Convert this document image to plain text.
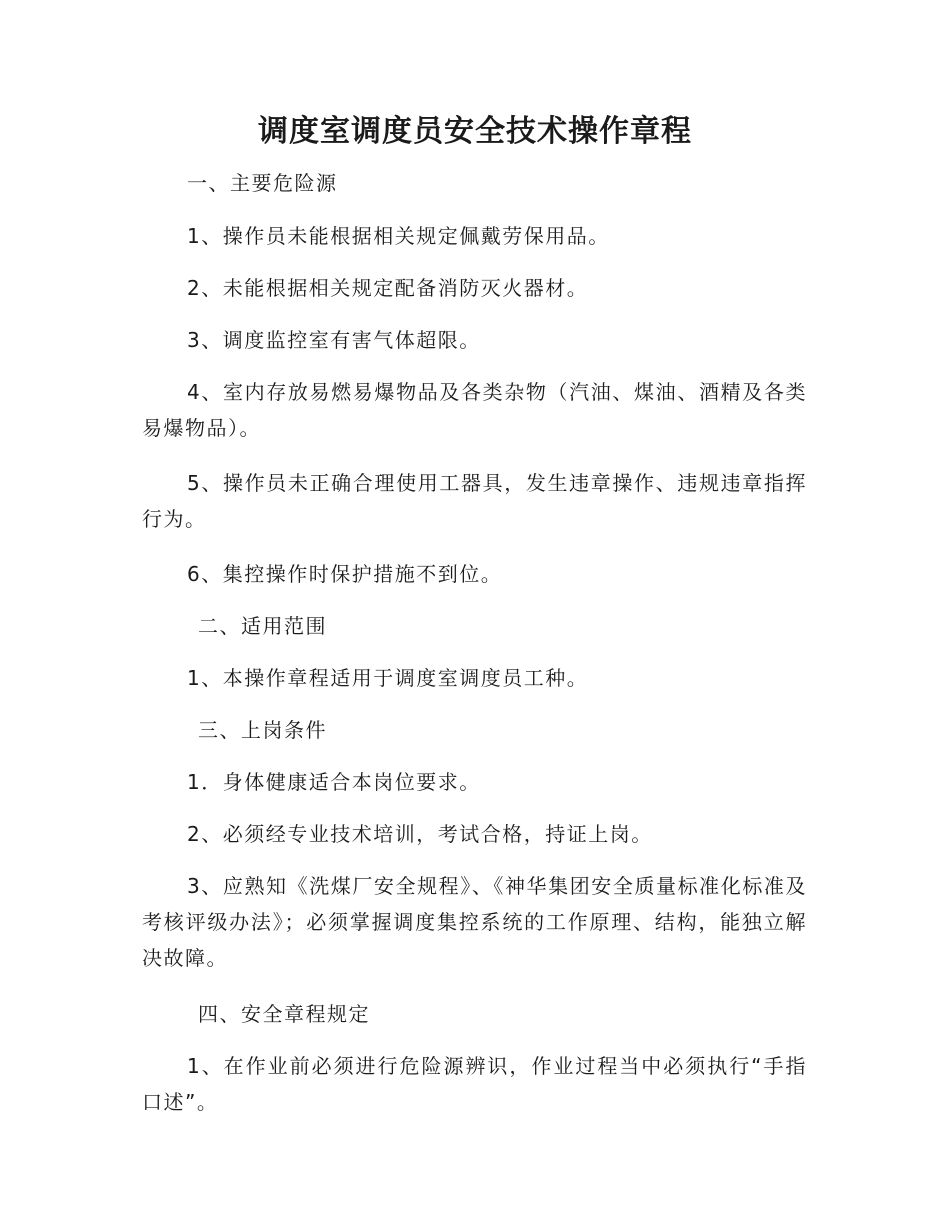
调度室调度员安全技术操作章程

一、主要危险源

1、操作员未能根据相关规定佩戴劳保用品。

2、未能根据相关规定配备消防灭火器材。

3、调度监控室有害气体超限。

4、室内存放易燃易爆物品及各类杂物（汽油、煤油、酒精及各类易爆物品）。

5、操作员未正确合理使用工器具，发生违章操作、违规违章指挥行为。

6、集控操作时保护措施不到位。

二、适用范围

1、本操作章程适用于调度室调度员工种。

三、上岗条件

1．身体健康适合本岗位要求。

2、必须经专业技术培训，考试合格，持证上岗。

3、应熟知《洗煤厂安全规程》、《神华集团安全质量标准化标准及考核评级办法》；必须掌握调度集控系统的工作原理、结构，能独立解决故障。

四、安全章程规定

1、在作业前必须进行危险源辨识，作业过程当中必须执行“手指口述”。
